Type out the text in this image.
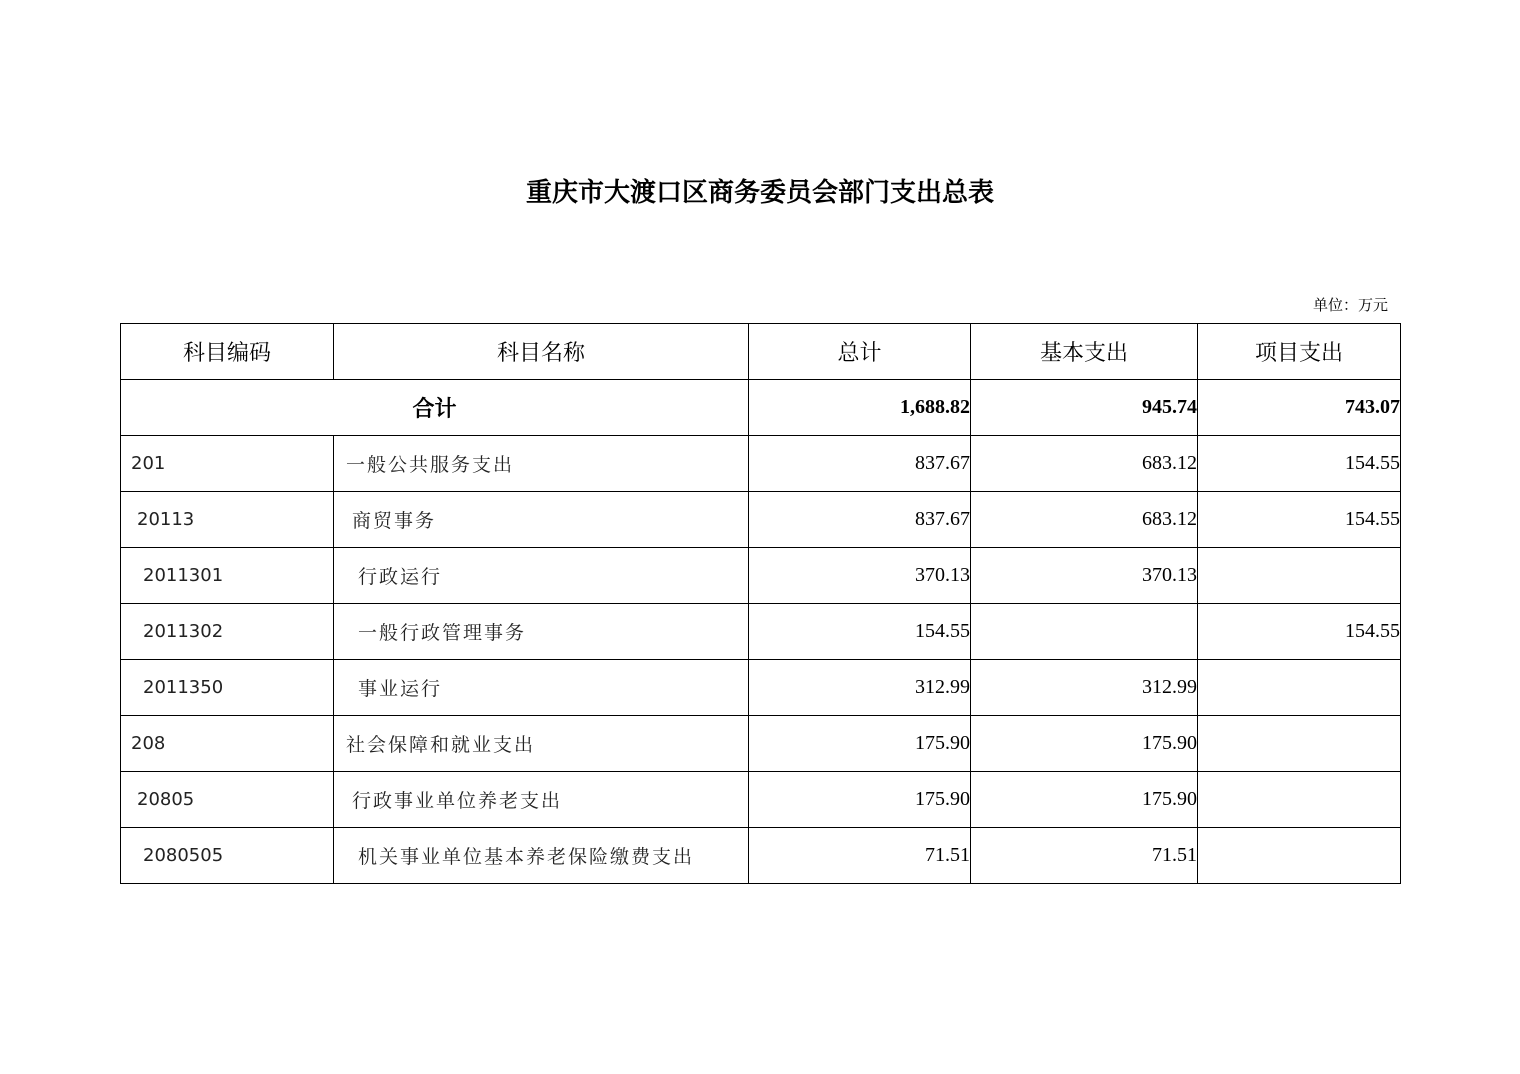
重庆市大渡口区商务委员会部门支出总表
单位：万元
科目编码	科目名称	总计	基本支出	项目支出
合计		1,688.82	945.74	743.07
201	一般公共服务支出	837.67	683.12	154.55
20113	商贸事务	837.67	683.12	154.55
2011301	行政运行	370.13	370.13	
2011302	一般行政管理事务	154.55		154.55
2011350	事业运行	312.99	312.99	
208	社会保障和就业支出	175.90	175.90	
20805	行政事业单位养老支出	175.90	175.90	
2080505	机关事业单位基本养老保险缴费支出	71.51	71.51	
